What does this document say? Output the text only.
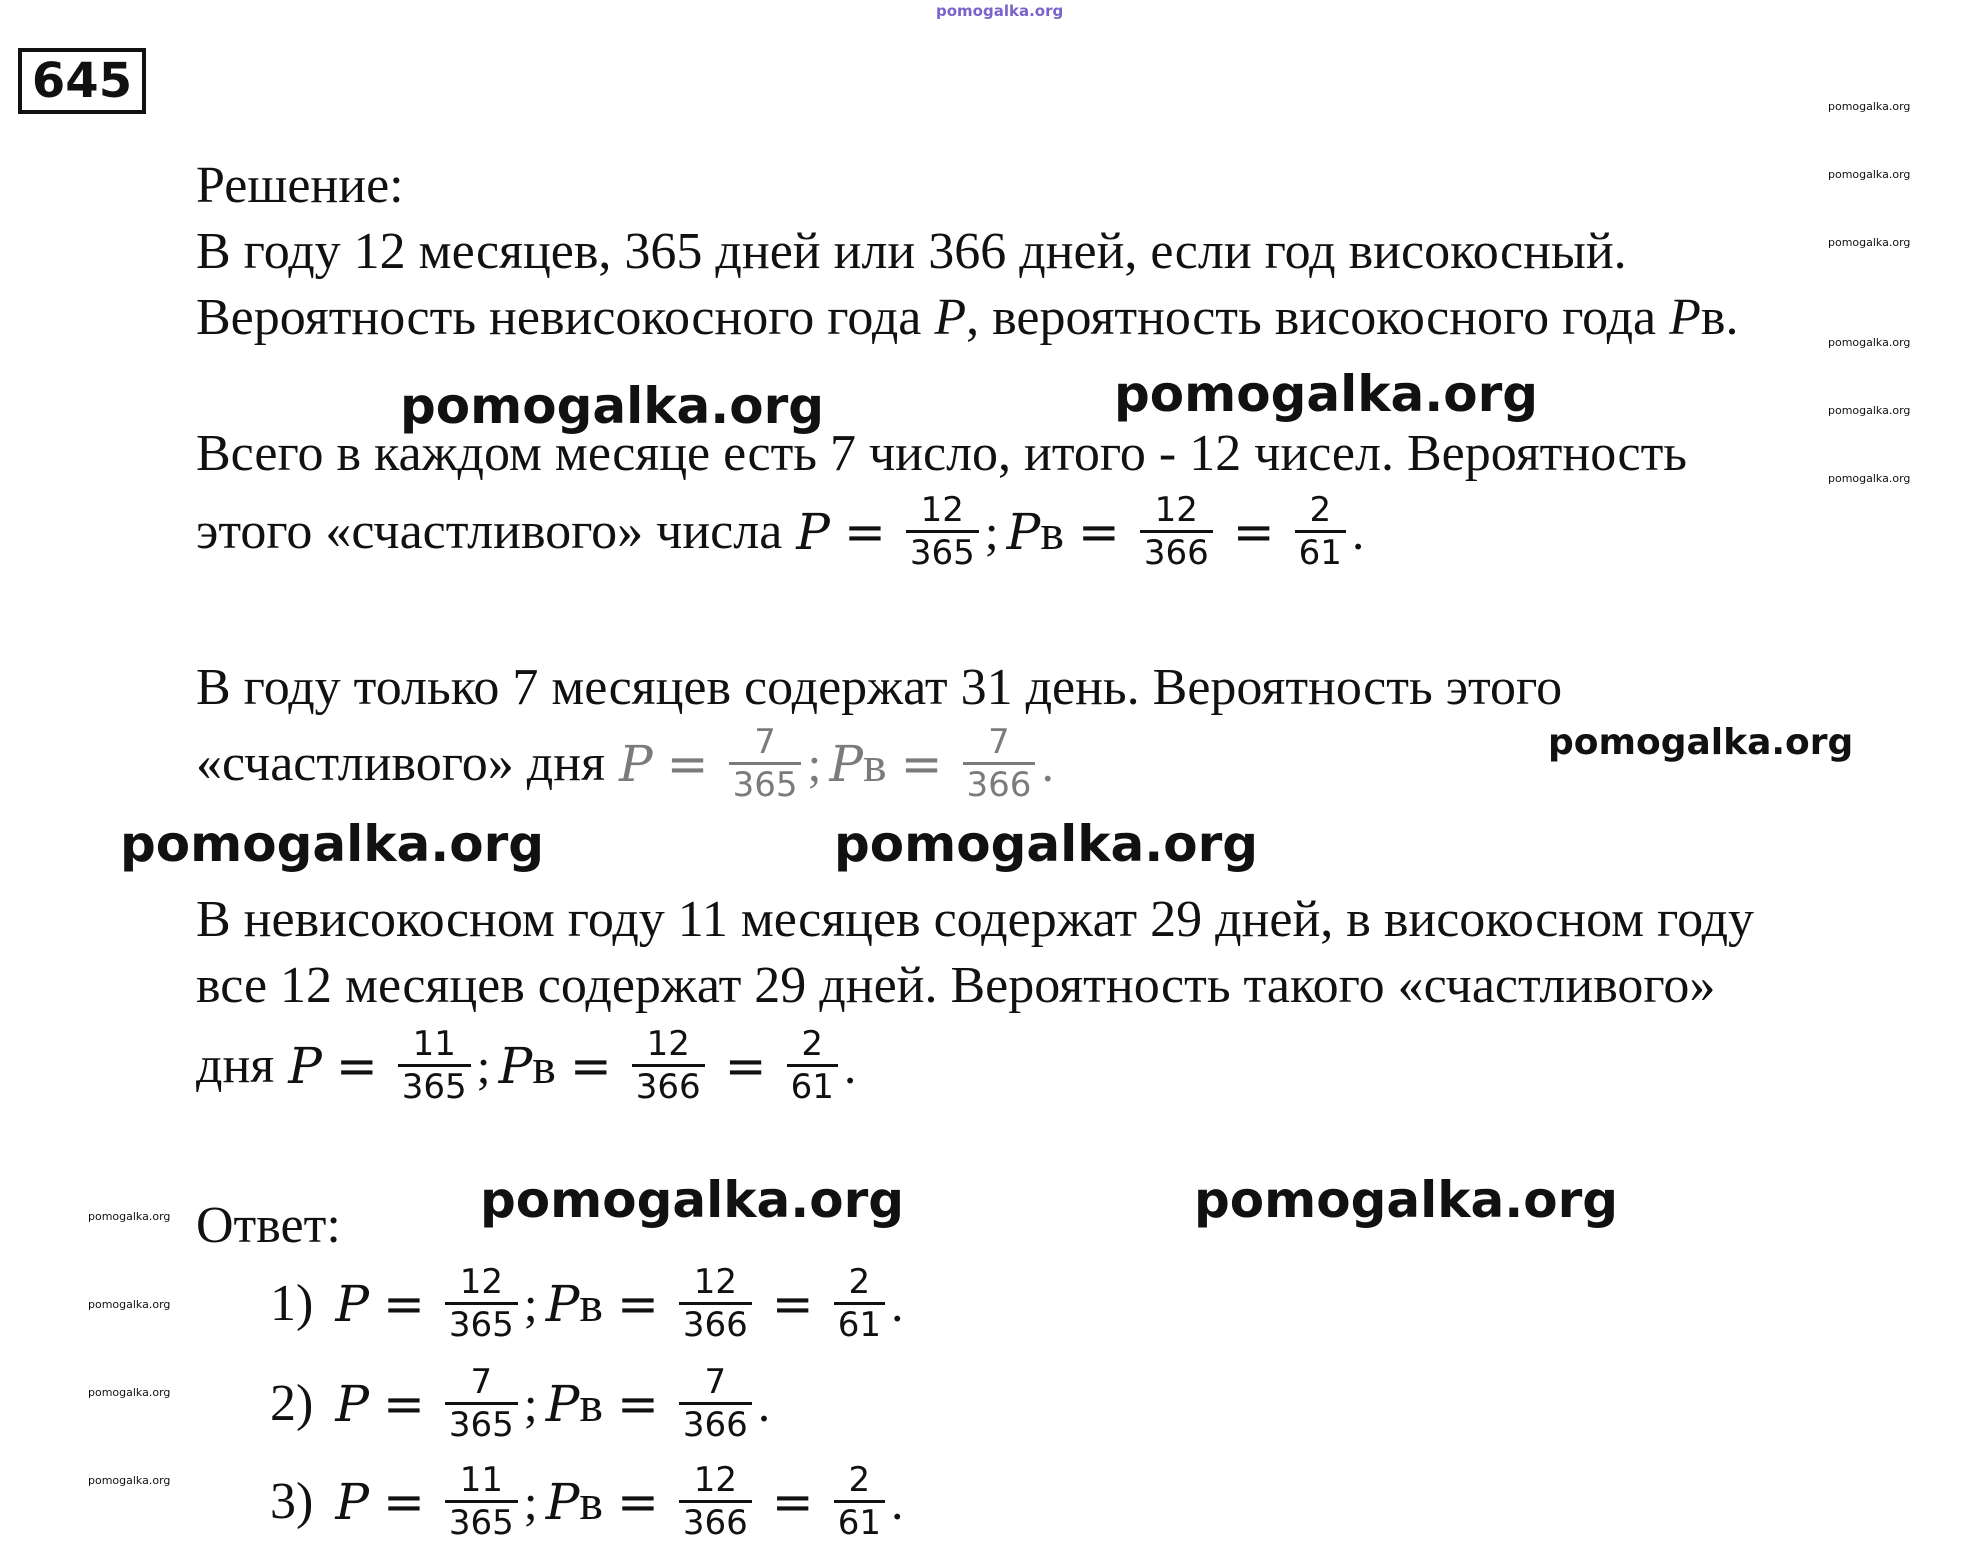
pomogalka.org
645	pomogalka.org
pomogalka.org
pomogalka.org
pomogalka.org
pomogalka.org
pomogalka.org
Решение:
В году 12 месяцев, 365 дней или 366 дней, если год високосный.
Вероятность невисокосного года P, вероятность високосного года Pв.
pomogalka.org	pomogalka.org
Всего в каждом месяце есть 7 число, итого - 12 чисел. Вероятность
этого «счастливого» числа $P = \frac{12}{365}$ ; P $в = \frac{12}{366} = \frac{2}{61}$ .
В году только 7 месяцев содержат 31 день. Вероятность этого
pomogalka.org
«счастливого» дня $P = \frac{7}{365}$ ; P $в = \frac{7}{366}$ .
pomogalka.org	pomogalka.org
В невисокосном году 11 месяцев содержат 29 дней, в високосном году
все 12 месяцев содержат 29 дней. Вероятность такого «счастливого»
дня $P = \frac{11}{365}$ ; P $в = \frac{12}{366} = \frac{2}{61}$ .
pomogalka.org
pomogalka.org
pomogalka.org
pomogalka.org
Ответ:	pomogalka.org	pomogalka.org
1) $P = \frac{12}{365}$ ; P $в = \frac{12}{366} = \frac{2}{61}$ .
2) $P = \frac{7}{365}$ ; P $в = \frac{7}{366}$ .
3) $P = \frac{11}{365}$ ; P $в = \frac{12}{366} = \frac{2}{61}$ .
